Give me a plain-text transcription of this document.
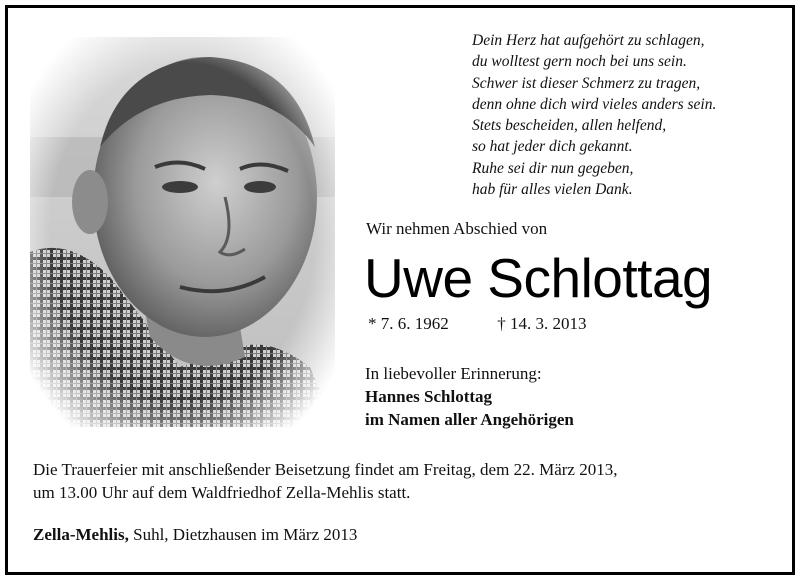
Dein Herz hat aufgehört zu schlagen,
du wolltest gern noch bei uns sein.
Schwer ist dieser Schmerz zu tragen,
denn ohne dich wird vieles anders sein.
Stets bescheiden, allen helfend,
so hat jeder dich gekannt.
Ruhe sei dir nun gegeben,
hab für alles vielen Dank.
Wir nehmen Abschied von
Uwe Schlottag
* 7. 6. 1962	† 14. 3. 2013
In liebevoller Erinnerung:
Hannes Schlottag
im Namen aller Angehörigen
Die Trauerfeier mit anschließender Beisetzung findet am Freitag, dem 22. März 2013,
um 13.00 Uhr auf dem Waldfriedhof Zella-Mehlis statt.
Zella-Mehlis, Suhl, Dietzhausen im März 2013
